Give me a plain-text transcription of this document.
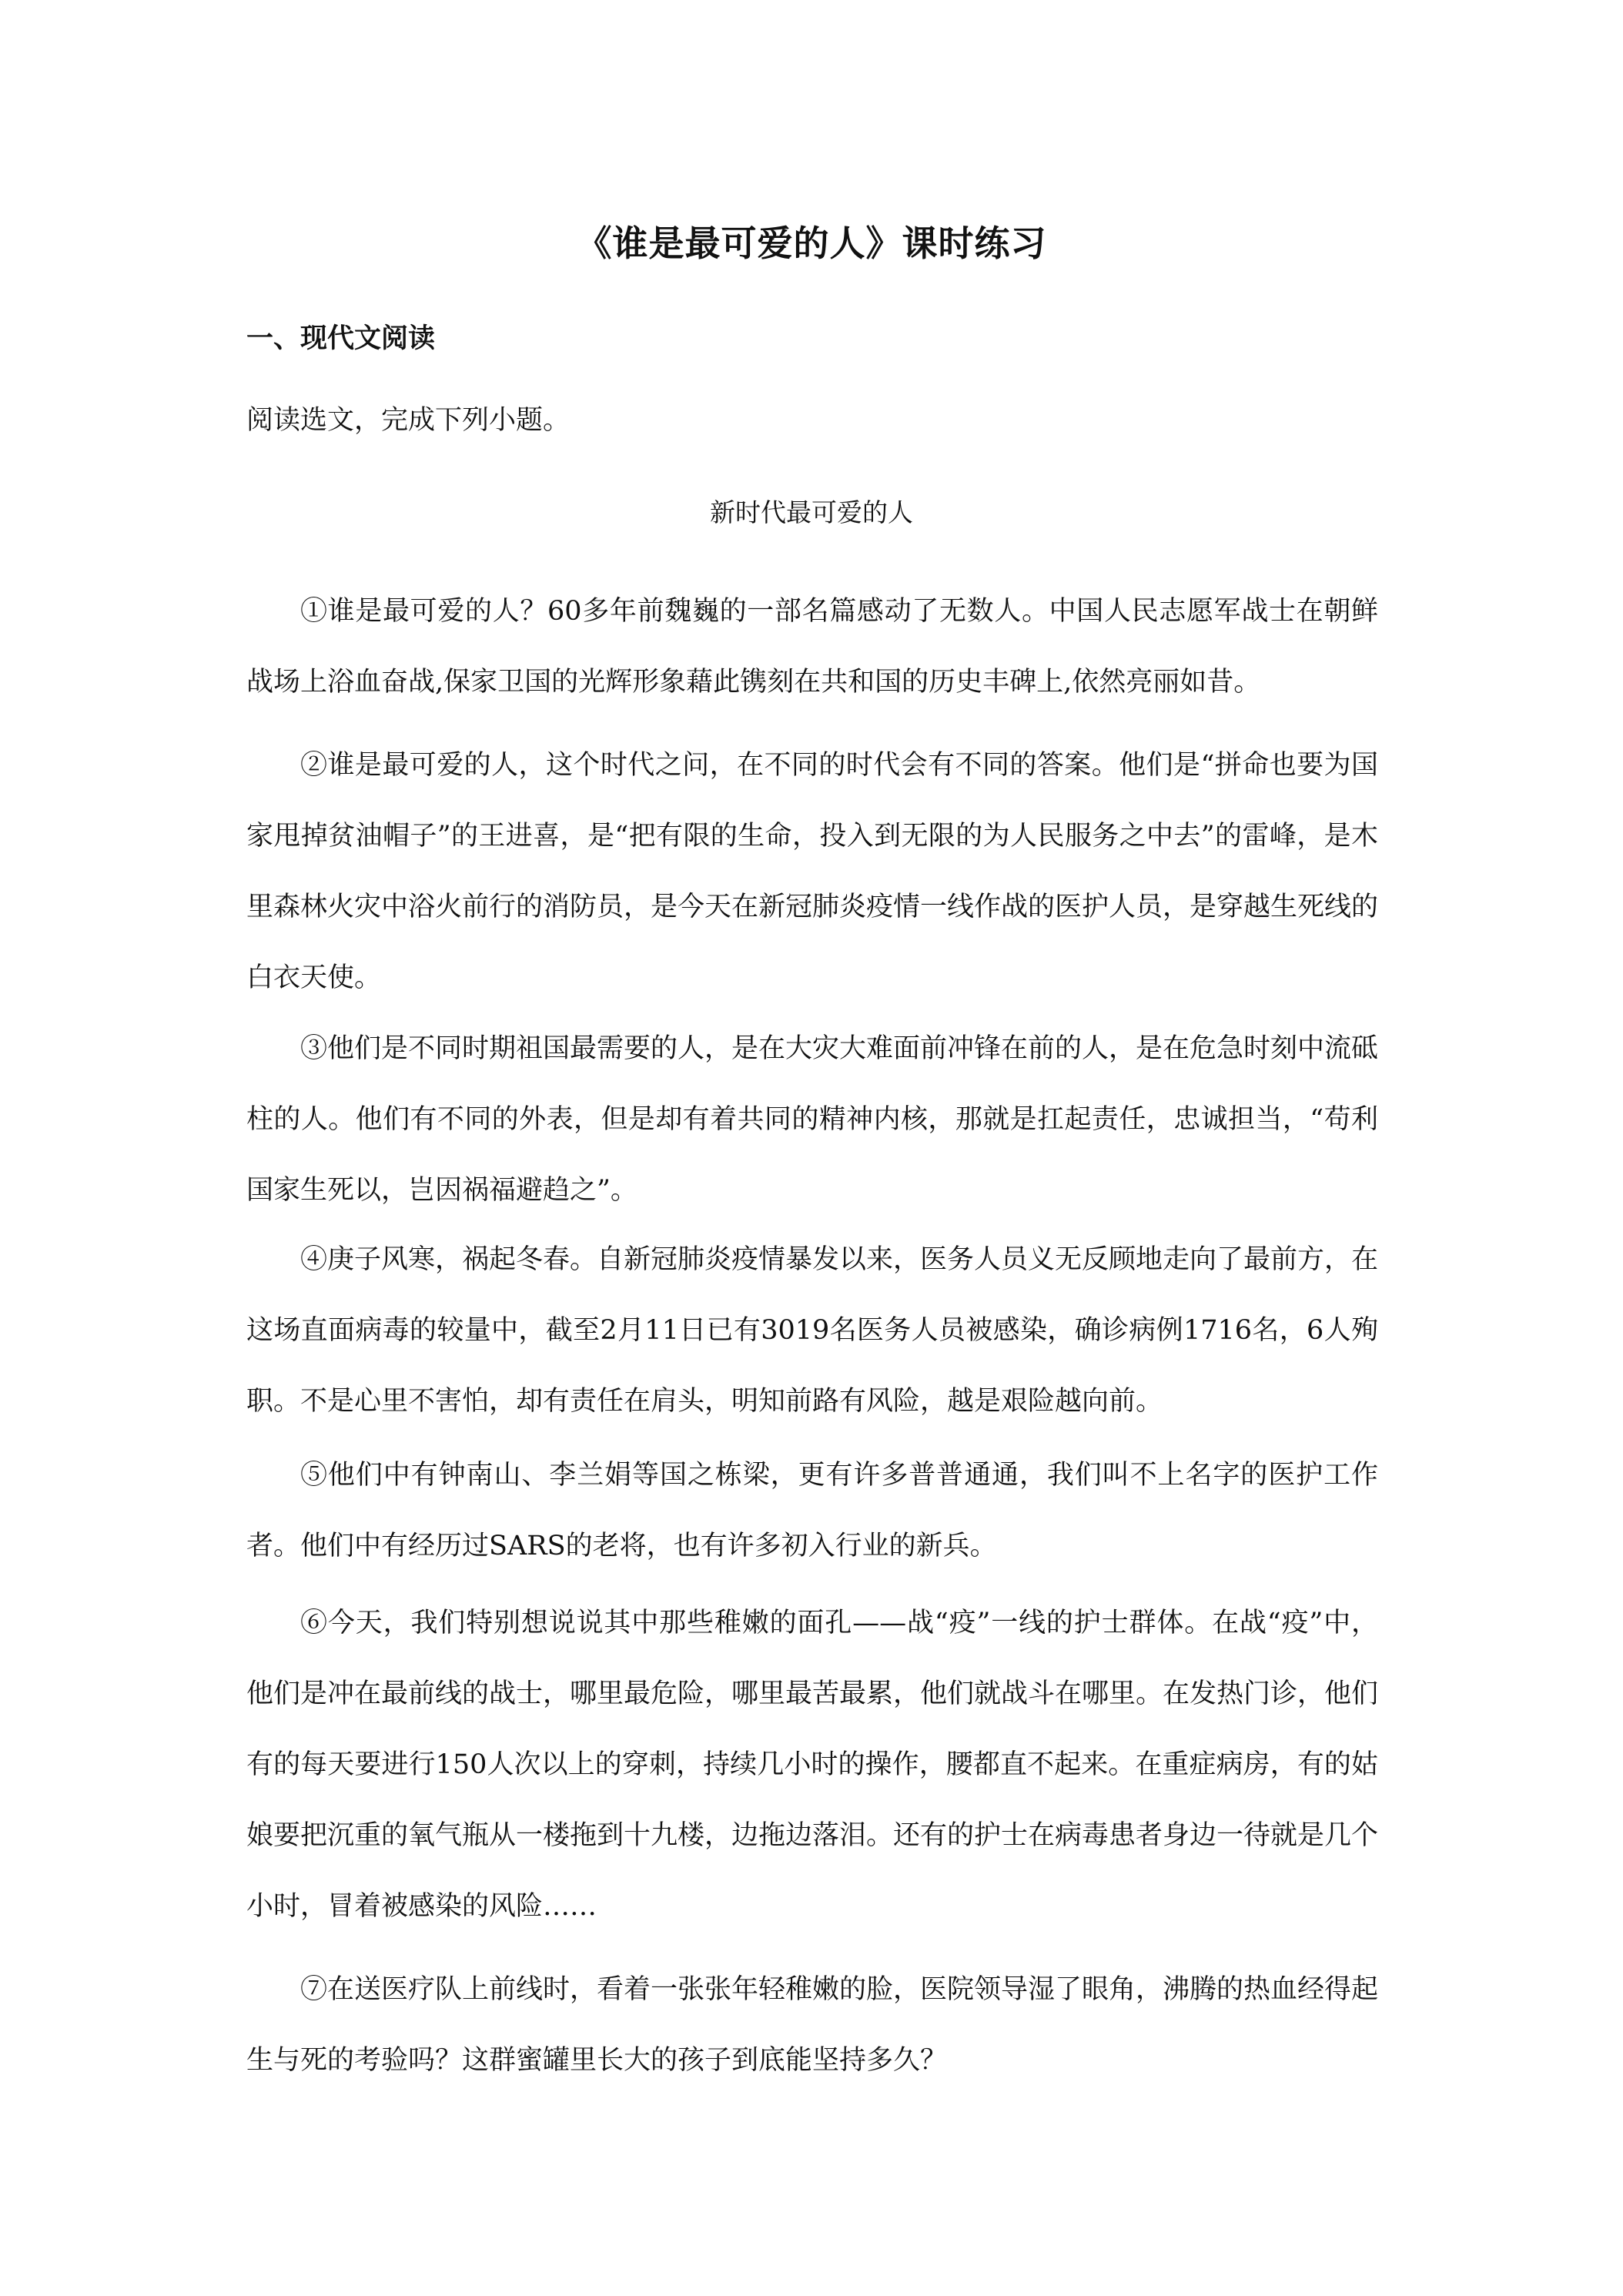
《谁是最可爱的人》课时练习
一、现代文阅读
阅读选文，完成下列小题。
新时代最可爱的人

①谁是最可爱的人？60多年前魏巍的一部名篇感动了无数人。中国人民志愿军战士在朝鲜战场上浴血奋战,保家卫国的光辉形象藉此镌刻在共和国的历史丰碑上,依然亮丽如昔。

②谁是最可爱的人，这个时代之问，在不同的时代会有不同的答案。他们是“拼命也要为国家甩掉贫油帽子”的王进喜，是“把有限的生命，投入到无限的为人民服务之中去”的雷峰，是木里森林火灾中浴火前行的消防员，是今天在新冠肺炎疫情一线作战的医护人员，是穿越生死线的白衣天使。

③他们是不同时期祖国最需要的人，是在大灾大难面前冲锋在前的人，是在危急时刻中流砥柱的人。他们有不同的外表，但是却有着共同的精神内核，那就是扛起责任，忠诚担当，“苟利国家生死以，岂因祸福避趋之”。

④庚子风寒，祸起冬春。自新冠肺炎疫情暴发以来，医务人员义无反顾地走向了最前方，在这场直面病毒的较量中，截至2月11日已有3019名医务人员被感染，确诊病例1716名，6人殉职。不是心里不害怕，却有责任在肩头，明知前路有风险，越是艰险越向前。

⑤他们中有钟南山、李兰娟等国之栋梁，更有许多普普通通，我们叫不上名字的医护工作者。他们中有经历过SARS的老将，也有许多初入行业的新兵。

⑥今天，我们特别想说说其中那些稚嫩的面孔——战“疫”一线的护士群体。在战“疫”中，他们是冲在最前线的战士，哪里最危险，哪里最苦最累，他们就战斗在哪里。在发热门诊，他们有的每天要进行150人次以上的穿刺，持续几小时的操作，腰都直不起来。在重症病房，有的姑娘要把沉重的氧气瓶从一楼拖到十九楼，边拖边落泪。还有的护士在病毒患者身边一待就是几个小时，冒着被感染的风险……

⑦在送医疗队上前线时，看着一张张年轻稚嫩的脸，医院领导湿了眼角，沸腾的热血经得起生与死的考验吗？这群蜜罐里长大的孩子到底能坚持多久？
